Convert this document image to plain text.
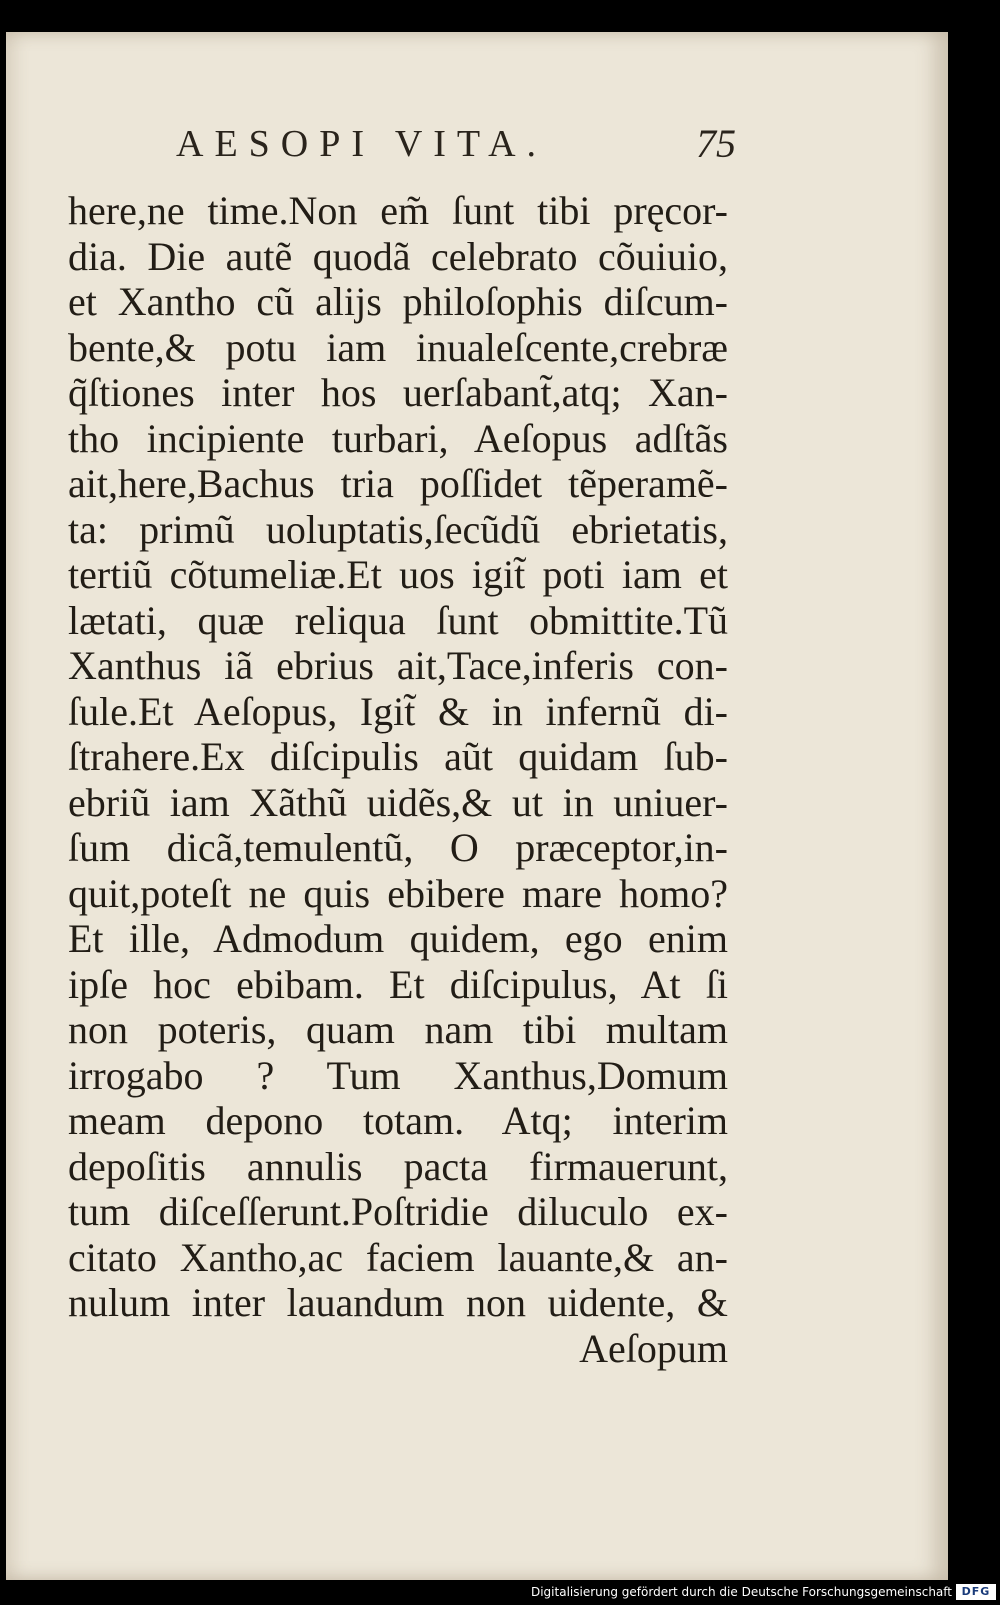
AESOPI VITA.	75
here,ne time.Non em̃ ſunt tibi pręcor-
dia. Die autẽ quodã celebrato cõuiuio,
et Xantho cũ alijs philoſophis diſcum-
bente,& potu iam inualeſcente,crebræ
q̃ſtiones inter hos uerſabant̃,atq; Xan-
tho incipiente turbari, Aeſopus adſtãs
ait,here,Bachus tria poſſidet tẽperamẽ-
ta: primũ uoluptatis,ſecũdũ ebrietatis,
tertiũ cõtumeliæ.Et uos igit̃ poti iam et
lætati, quæ reliqua ſunt obmittite.Tũ
Xanthus iã ebrius ait,Tace,inferis con-
ſule.Et Aeſopus, Igit̃ & in infernũ di-
ſtrahere.Ex diſcipulis aũt quidam ſub-
ebriũ iam Xãthũ uidẽs,& ut in uniuer-
ſum dicã,temulentũ, O præceptor,in-
quit,poteſt ne quis ebibere mare homo?
Et ille, Admodum quidem, ego enim
ipſe hoc ebibam. Et diſcipulus, At ſi
non poteris, quam nam tibi multam
irrogabo ? Tum Xanthus,Domum
meam depono totam. Atq; interim
depoſitis annulis pacta firmauerunt,
tum diſceſſerunt.Poſtridie diluculo ex-
citato Xantho,ac faciem lauante,& an-
nulum inter lauandum non uidente, &
Aeſopum
Digitalisierung gefördert durch die Deutsche Forschungsgemeinschaft DFG
